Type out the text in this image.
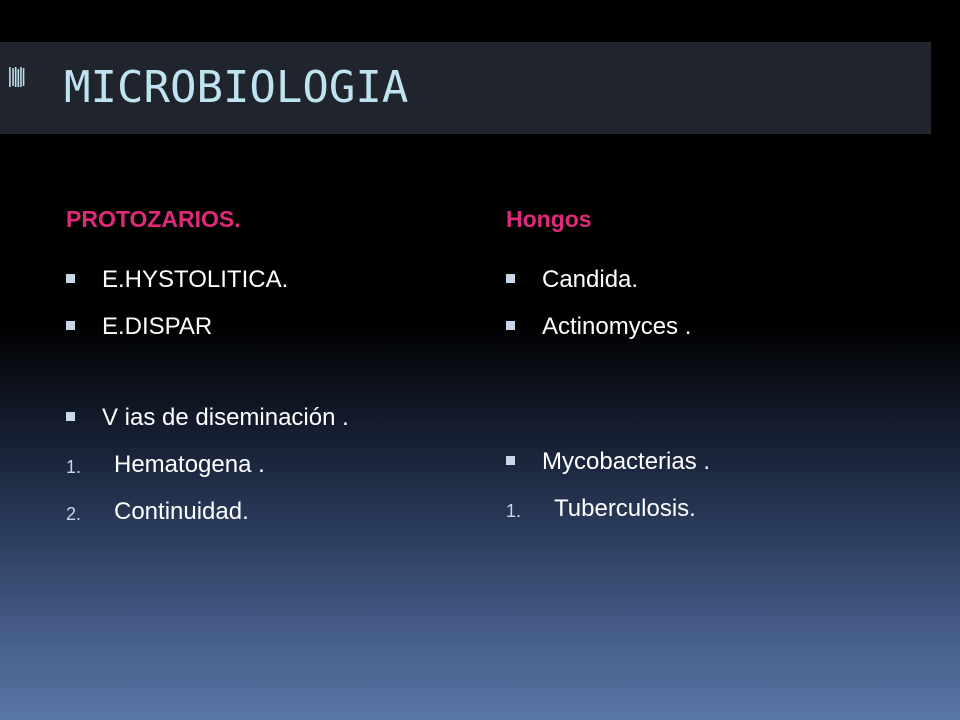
MICROBIOLOGIA
PROTOZARIOS.
E.HYSTOLITICA.
E.DISPAR
V ias de diseminación .
1. Hematogena .
2. Continuidad.
Hongos
Candida.
Actinomyces .
Mycobacterias .
1. Tuberculosis.
